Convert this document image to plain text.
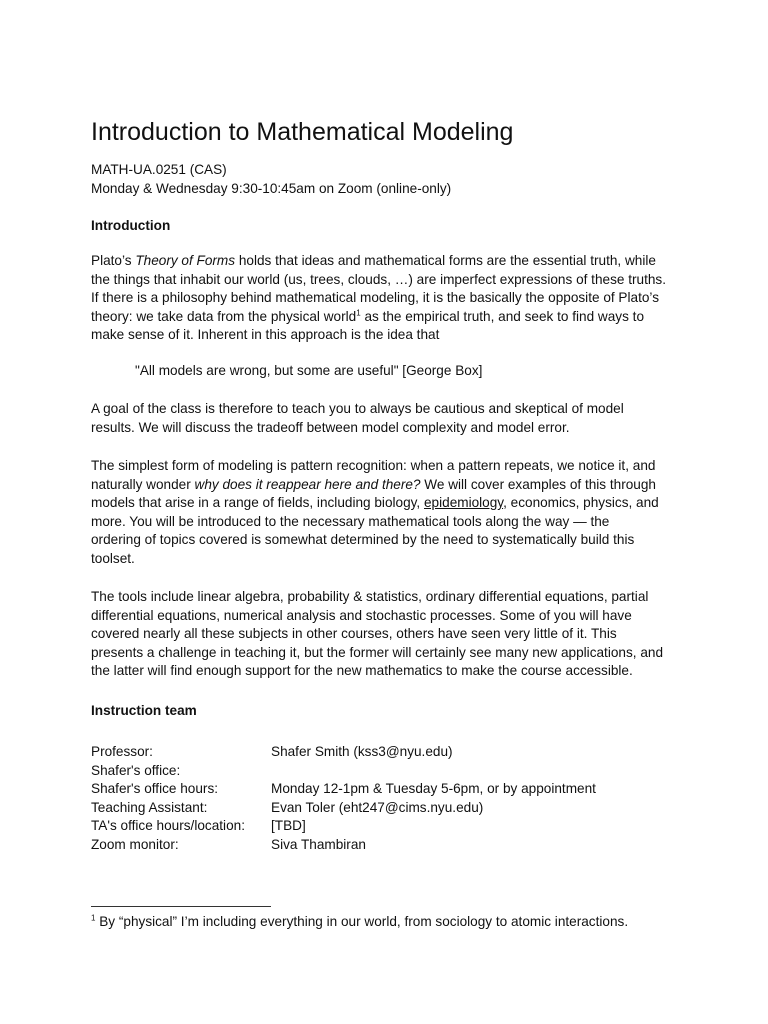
Introduction to Mathematical Modeling
MATH-UA.0251 (CAS)
Monday & Wednesday 9:30-10:45am on Zoom (online-only)
Introduction
Plato’s Theory of Forms holds that ideas and mathematical forms are the essential truth, while
the things that inhabit our world (us, trees, clouds, …) are imperfect expressions of these truths.
If there is a philosophy behind mathematical modeling, it is the basically the opposite of Plato’s
theory: we take data from the physical world$^1$ as the empirical truth, and seek to find ways to
make sense of it. Inherent in this approach is the idea that
"All models are wrong, but some are useful" [George Box]
A goal of the class is therefore to teach you to always be cautious and skeptical of model
results. We will discuss the tradeoff between model complexity and model error.
The simplest form of modeling is pattern recognition: when a pattern repeats, we notice it, and
naturally wonder why does it reappear here and there? We will cover examples of this through
models that arise in a range of fields, including biology, epidemiology, economics, physics, and
more. You will be introduced to the necessary mathematical tools along the way — the
ordering of topics covered is somewhat determined by the need to systematically build this
toolset.
The tools include linear algebra, probability & statistics, ordinary differential equations, partial
differential equations, numerical analysis and stochastic processes. Some of you will have
covered nearly all these subjects in other courses, others have seen very little of it. This
presents a challenge in teaching it, but the former will certainly see many new applications, and
the latter will find enough support for the new mathematics to make the course accessible.
Instruction team
Professor:	Shafer Smith (kss3@nyu.edu)
Shafer's office:
Shafer's office hours:	Monday 12-1pm & Tuesday 5-6pm, or by appointment
Teaching Assistant:	Evan Toler (eht247@cims.nyu.edu)
TA's office hours/location:	[TBD]
Zoom monitor:	Siva Thambiran
$^1$ By “physical” I’m including everything in our world, from sociology to atomic interactions.
